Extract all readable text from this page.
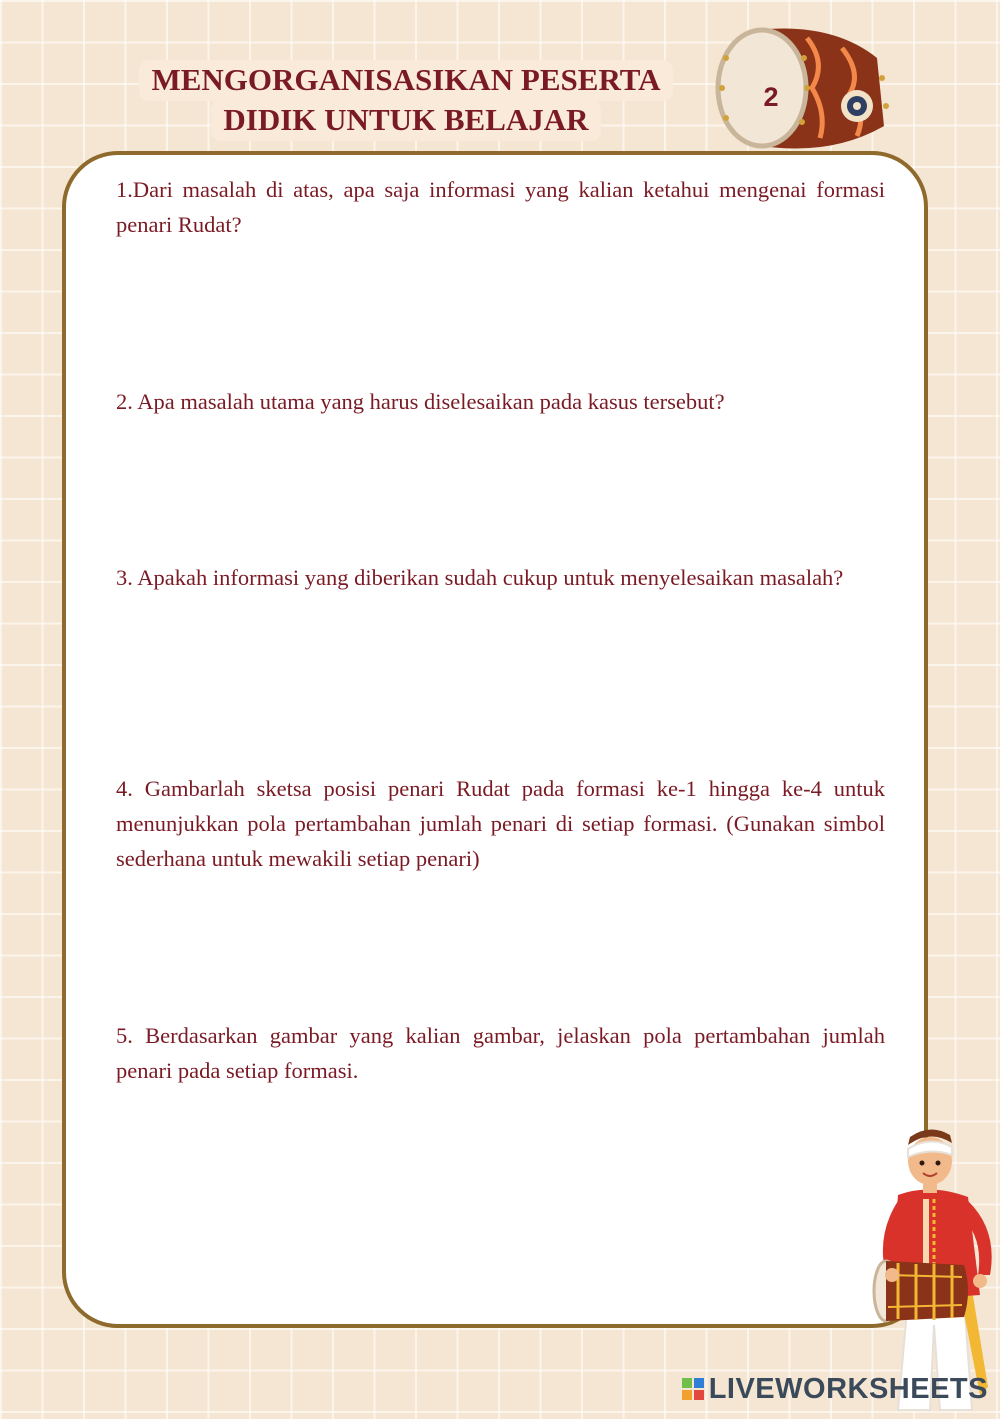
MENGORGANISASIKAN PESERTA
DIDIK UNTUK BELAJAR
2
1.Dari masalah di atas, apa saja informasi yang kalian ketahui mengenai formasi penari Rudat?
2. Apa masalah utama yang harus diselesaikan pada kasus tersebut?
3. Apakah informasi yang diberikan sudah cukup untuk menyelesaikan masalah?
4. Gambarlah sketsa posisi penari Rudat pada formasi ke-1 hingga ke-4 untuk menunjukkan pola pertambahan jumlah penari di setiap formasi. (Gunakan simbol sederhana untuk mewakili setiap penari)
5. Berdasarkan gambar yang kalian gambar, jelaskan pola pertambahan jumlah penari pada setiap formasi.
LIVEWORKSHEETS
